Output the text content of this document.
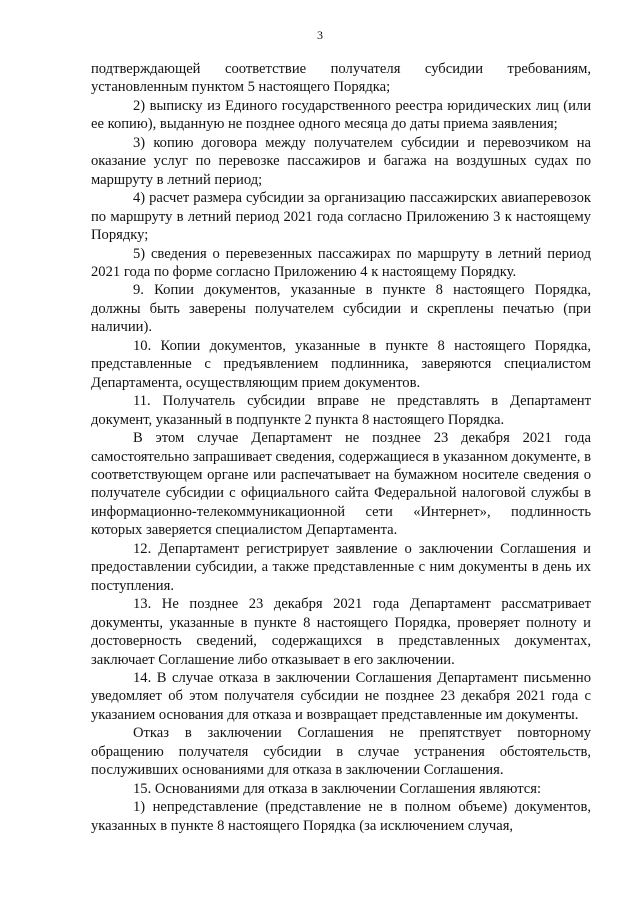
3

подтверждающей соответствие получателя субсидии требованиям, установленным пунктом 5 настоящего Порядка;

2) выписку из Единого государственного реестра юридических лиц (или ее копию), выданную не позднее одного месяца до даты приема заявления;

3) копию договора между получателем субсидии и перевозчиком на оказание услуг по перевозке пассажиров и багажа на воздушных судах по маршруту в летний период;

4) расчет размера субсидии за организацию пассажирских авиаперевозок по маршруту в летний период 2021 года согласно Приложению 3 к настоящему Порядку;

5) сведения о перевезенных пассажирах по маршруту в летний период 2021 года по форме согласно Приложению 4 к настоящему Порядку.

9. Копии документов, указанные в пункте 8 настоящего Порядка, должны быть заверены получателем субсидии и скреплены печатью (при наличии).

10. Копии документов, указанные в пункте 8 настоящего Порядка, представленные с предъявлением подлинника, заверяются специалистом Департамента, осуществляющим прием документов.

11. Получатель субсидии вправе не представлять в Департамент документ, указанный в подпункте 2 пункта 8 настоящего Порядка.

В этом случае Департамент не позднее 23 декабря 2021 года самостоятельно запрашивает сведения, содержащиеся в указанном документе, в соответствующем органе или распечатывает на бумажном носителе сведения о получателе субсидии с официального сайта Федеральной налоговой службы в информационно-телекоммуникационной сети «Интернет», подлинность которых заверяется специалистом Департамента.

12. Департамент регистрирует заявление о заключении Соглашения и предоставлении субсидии, а также представленные с ним документы в день их поступления.

13. Не позднее 23 декабря 2021 года Департамент рассматривает документы, указанные в пункте 8 настоящего Порядка, проверяет полноту и достоверность сведений, содержащихся в представленных документах, заключает Соглашение либо отказывает в его заключении.

14. В случае отказа в заключении Соглашения Департамент письменно уведомляет об этом получателя субсидии не позднее 23 декабря 2021 года с указанием основания для отказа и возвращает представленные им документы.

Отказ в заключении Соглашения не препятствует повторному обращению получателя субсидии в случае устранения обстоятельств, послуживших основаниями для отказа в заключении Соглашения.

15. Основаниями для отказа в заключении Соглашения являются:

1) непредставление (представление не в полном объеме) документов, указанных в пункте 8 настоящего Порядка (за исключением случая,
